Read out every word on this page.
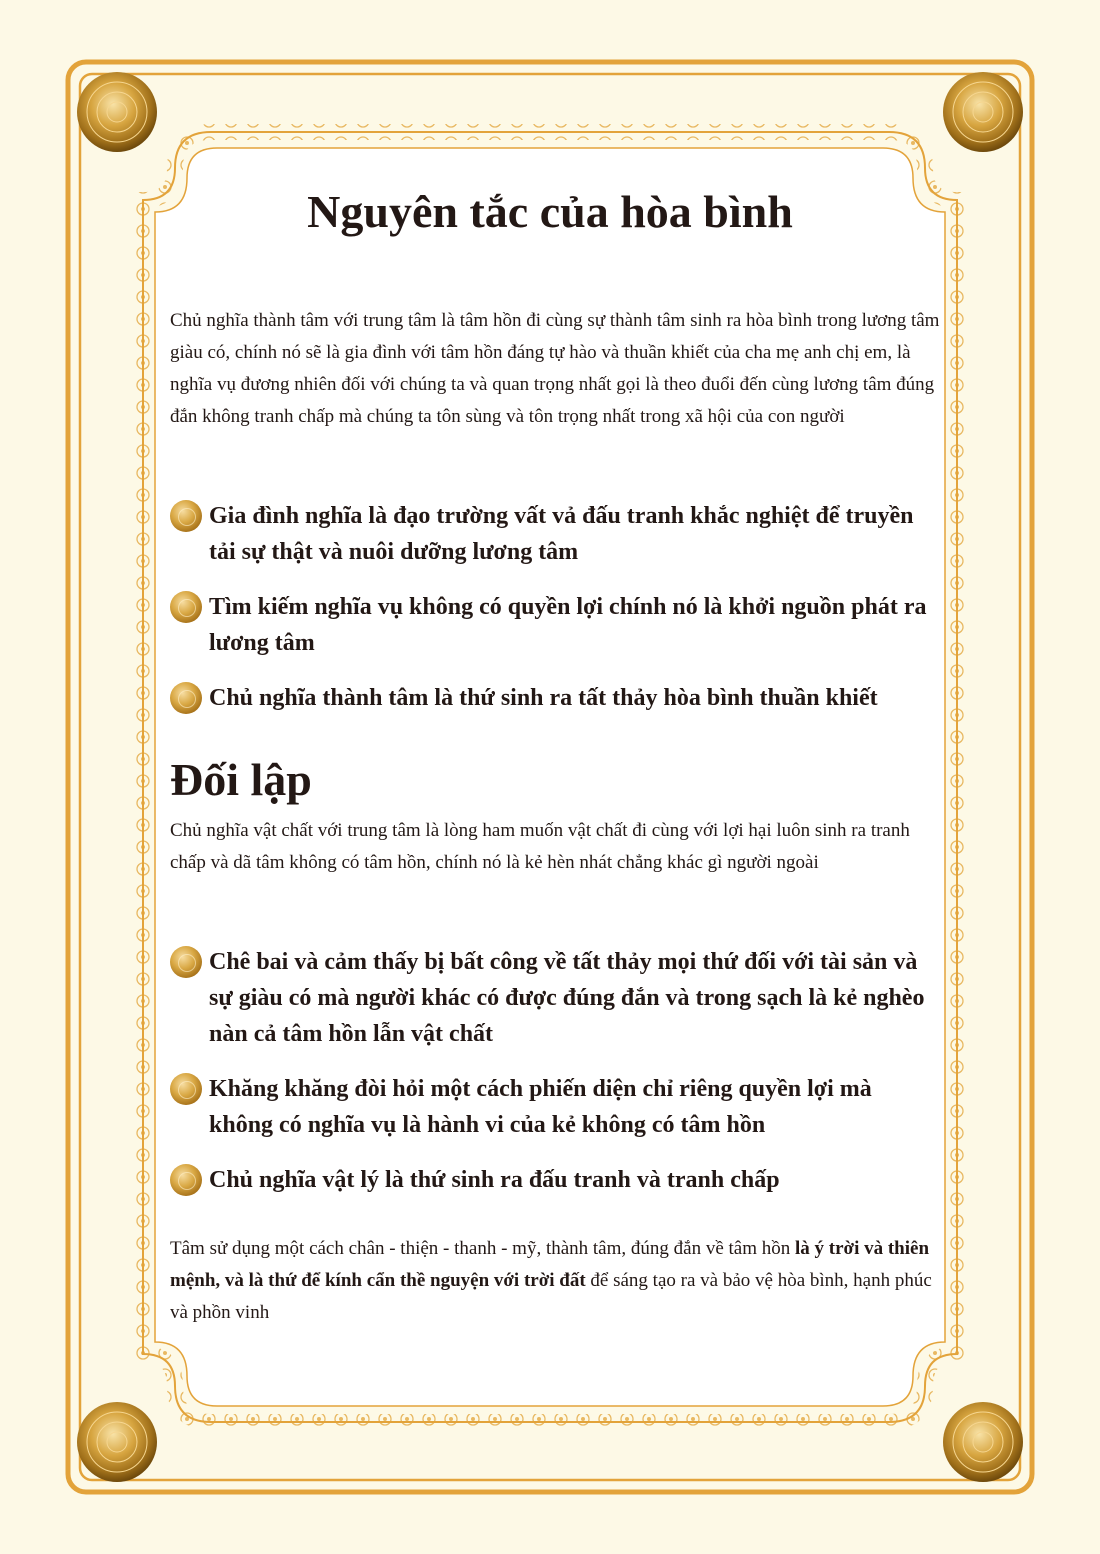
Nguyên tắc của hòa bình

Chủ nghĩa thành tâm với trung tâm là tâm hồn đi cùng sự thành tâm sinh ra hòa bình trong lương tâm giàu có, chính nó sẽ là gia đình với tâm hồn đáng tự hào và thuần khiết của cha mẹ anh chị em, là nghĩa vụ đương nhiên đối với chúng ta và quan trọng nhất gọi là theo đuổi đến cùng lương tâm đúng đắn không tranh chấp mà chúng ta tôn sùng và tôn trọng nhất trong xã hội của con người

Gia đình nghĩa là đạo trường vất vả đấu tranh khắc nghiệt để truyền tải sự thật và nuôi dưỡng lương tâm
Tìm kiếm nghĩa vụ không có quyền lợi chính nó là khởi nguồn phát ra lương tâm
Chủ nghĩa thành tâm là thứ sinh ra tất thảy hòa bình thuần khiết
Đối lập

Chủ nghĩa vật chất với trung tâm là lòng ham muốn vật chất đi cùng với lợi hại luôn sinh ra tranh chấp và dã tâm không có tâm hồn, chính nó là kẻ hèn nhát chẳng khác gì người ngoài

Chê bai và cảm thấy bị bất công về tất thảy mọi thứ đối với tài sản và sự giàu có mà người khác có được đúng đắn và trong sạch là kẻ nghèo nàn cả tâm hồn lẫn vật chất
Khăng khăng đòi hỏi một cách phiến diện chỉ riêng quyền lợi mà không có nghĩa vụ là hành vi của kẻ không có tâm hồn
Chủ nghĩa vật lý là thứ sinh ra đấu tranh và tranh chấp

Tâm sử dụng một cách chân - thiện - thanh - mỹ, thành tâm, đúng đắn về tâm hồn là ý trời và thiên mệnh, và là thứ để kính cẩn thề nguyện với trời đất để sáng tạo ra và bảo vệ hòa bình, hạnh phúc và phồn vinh
